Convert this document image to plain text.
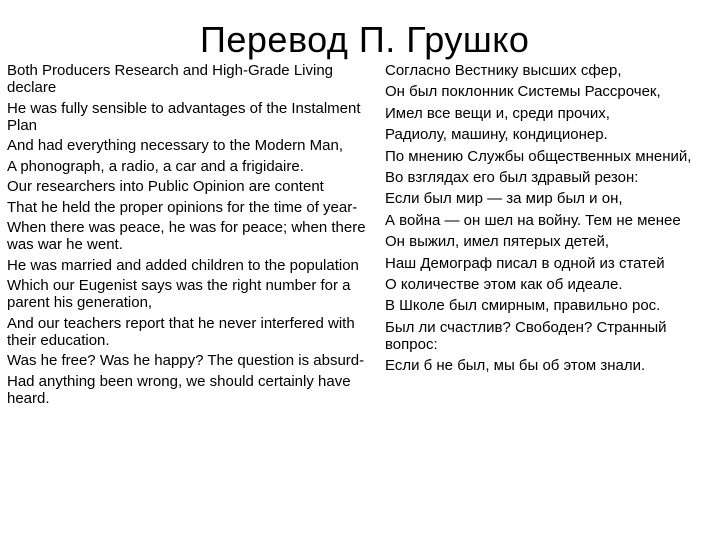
Перевод П. Грушко

Both Producers Research and High-Grade Living declare

He was fully sensible to advantages of the Instalment Plan

And had everything necessary to the Modern Man,

A phonograph, a radio, a car and a frigidaire.

Our researchers into Public Opinion are content

That he held the proper opinions for the time of year-

When there was peace, he was for peace; when there was war he went.

He was married and added children to the population

Which our Eugenist says was the right number for a parent his generation,

And our teachers report that he never interfered with their education.

Was he free? Was he happy? The question is absurd-

Had anything been wrong, we should certainly have heard.

Согласно Вестнику высших сфер,

Он был поклонник Системы Рассрочек,

Имел все вещи и, среди прочих,

Радиолу, машину, кондиционер.

По мнению Службы общественных мнений,

Во взглядах его был здравый резон:

Если был мир — за мир был и он,

А война — он шел на войну. Тем не менее

Он выжил, имел пятерых детей,

Наш Демограф писал в одной из статей

О количестве этом как об идеале.

В Школе был смирным, правильно рос.

Был ли счастлив? Свободен? Странный вопрос:

Если б не был, мы бы об этом знали.
